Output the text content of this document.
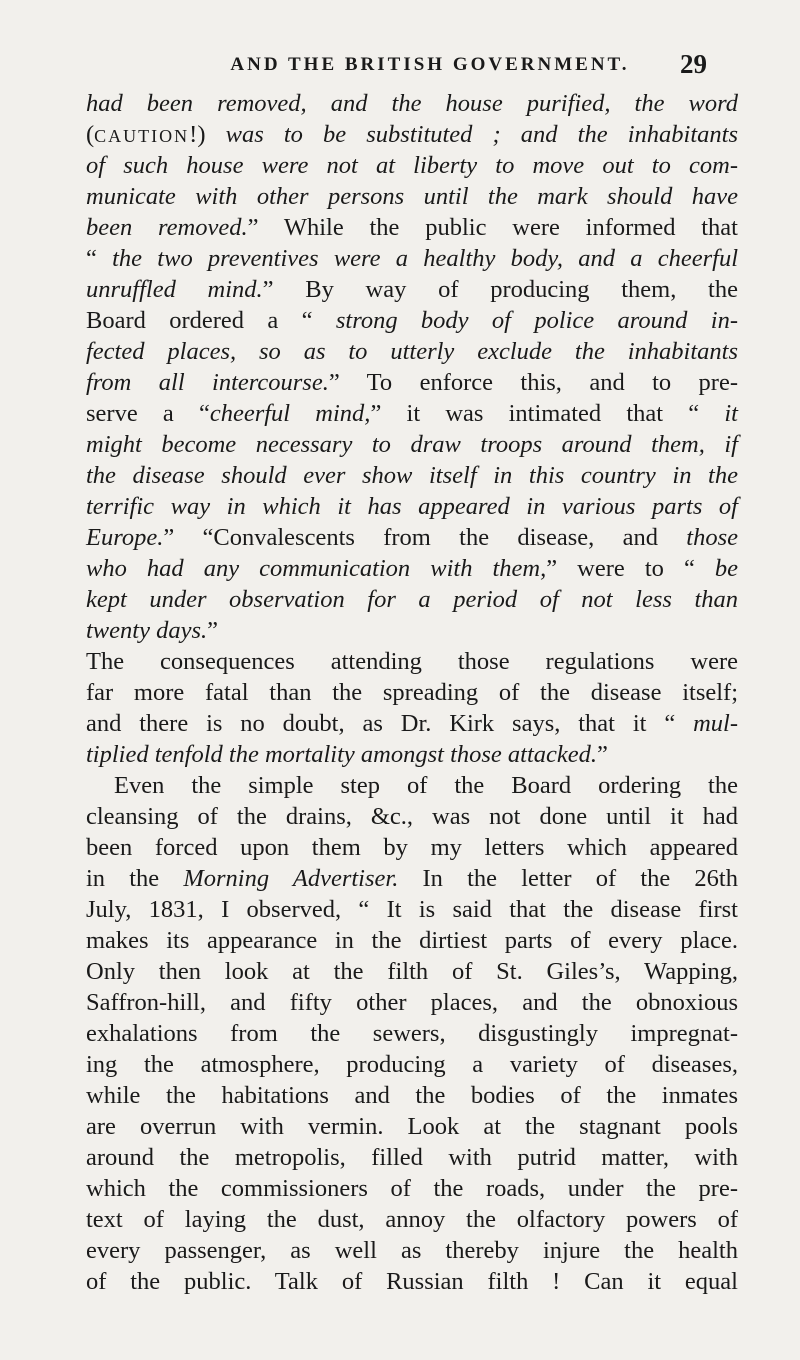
AND THE BRITISH GOVERNMENT.	29
had been removed, and the house purified, the word
(CAUTION!) was to be substituted ; and the inhabitants
of such house were not at liberty to move out to com-
municate with other persons until the mark should have
been removed.” While the public were informed that
“ the two preventives were a healthy body, and a cheerful
unruffled mind.” By way of producing them, the
Board ordered a “ strong body of police around in-
fected places, so as to utterly exclude the inhabitants
from all intercourse.” To enforce this, and to pre-
serve a “cheerful mind,” it was intimated that “ it
might become necessary to draw troops around them, if
the disease should ever show itself in this country in the
terrific way in which it has appeared in various parts of
Europe.” “Convalescents from the disease, and those
who had any communication with them,” were to “ be
kept under observation for a period of not less than
twenty days.”
The consequences attending those regulations were
far more fatal than the spreading of the disease itself;
and there is no doubt, as Dr. Kirk says, that it “ mul-
tiplied tenfold the mortality amongst those attacked.”
Even the simple step of the Board ordering the
cleansing of the drains, &c., was not done until it had
been forced upon them by my letters which appeared
in the Morning Advertiser. In the letter of the 26th
July, 1831, I observed, “ It is said that the disease first
makes its appearance in the dirtiest parts of every place.
Only then look at the filth of St. Giles’s, Wapping,
Saffron-hill, and fifty other places, and the obnoxious
exhalations from the sewers, disgustingly impregnat-
ing the atmosphere, producing a variety of diseases,
while the habitations and the bodies of the inmates
are overrun with vermin. Look at the stagnant pools
around the metropolis, filled with putrid matter, with
which the commissioners of the roads, under the pre-
text of laying the dust, annoy the olfactory powers of
every passenger, as well as thereby injure the health
of the public. Talk of Russian filth ! Can it equal
